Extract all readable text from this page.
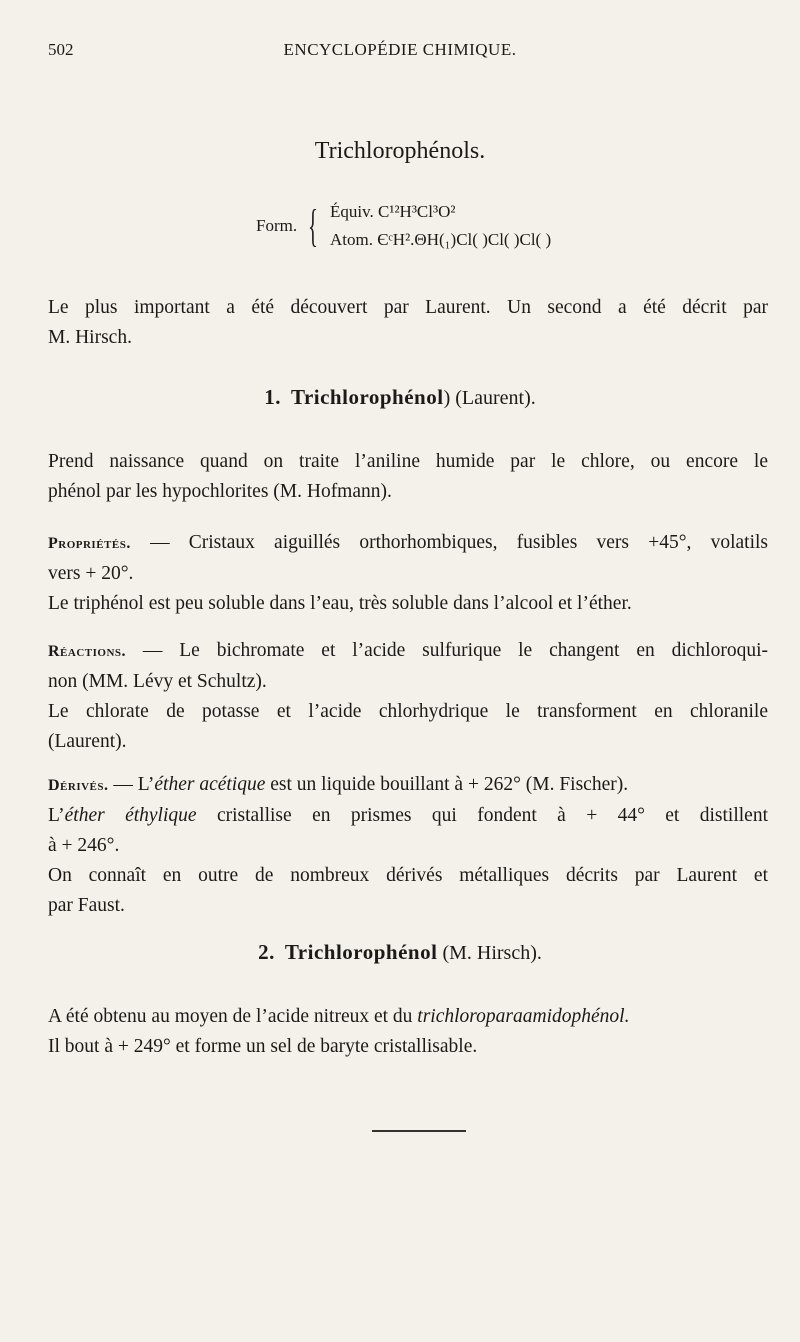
502	ENCYCLOPÉDIE CHIMIQUE.
Trichlorophénols.
Form. { Équiv. C¹²H³Cl³O²
Atom. ЄᶜH².ΘH(₁)Cl( )Cl( )Cl( )
Le plus important a été découvert par Laurent. Un second a été décrit par
M. Hirsch.
1. Trichlorophénol) (Laurent).
Prend naissance quand on traite l’aniline humide par le chlore, ou encore le
phénol par les hypochlorites (M. Hofmann).
Propriétés. — Cristaux aiguillés orthorhombiques, fusibles vers +45°, volatils
vers + 20°.
Le triphénol est peu soluble dans l’eau, très soluble dans l’alcool et l’éther.
Réactions. — Le bichromate et l’acide sulfurique le changent en dichloroqui-
non (MM. Lévy et Schultz).
Le chlorate de potasse et l’acide chlorhydrique le transforment en chloranile
(Laurent).
Dérivés. — L’éther acétique est un liquide bouillant à + 262° (M. Fischer).
L’éther éthylique cristallise en prismes qui fondent à + 44° et distillent
à + 246°.
On connaît en outre de nombreux dérivés métalliques décrits par Laurent et
par Faust.
2. Trichlorophénol (M. Hirsch).
A été obtenu au moyen de l’acide nitreux et du trichloroparaamidophénol.
Il bout à + 249° et forme un sel de baryte cristallisable.
